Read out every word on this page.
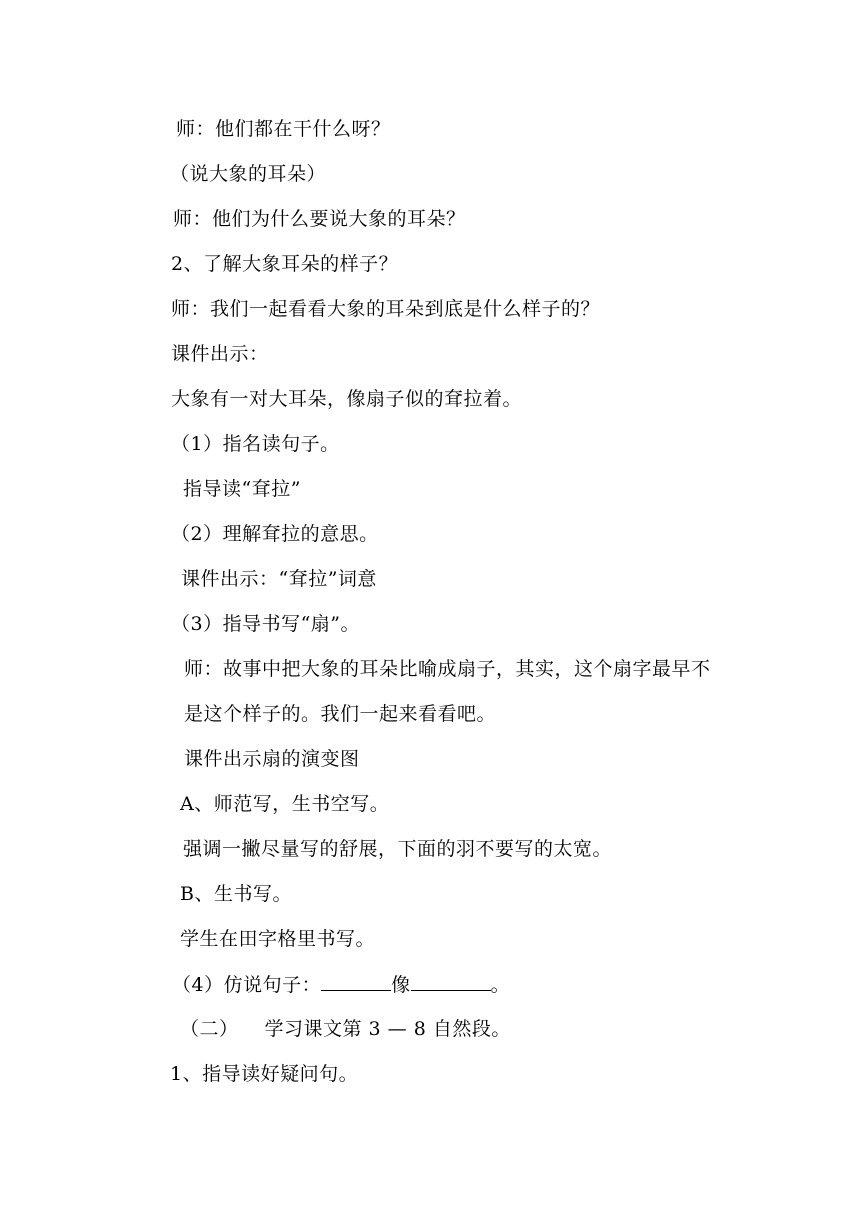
师：他们都在干什么呀？
（说大象的耳朵）
师：他们为什么要说大象的耳朵？
2、了解大象耳朵的样子？
师：我们一起看看大象的耳朵到底是什么样子的？
课件出示：
大象有一对大耳朵，像扇子似的耷拉着。
（1）指名读句子。
指导读“耷拉”
（2）理解耷拉的意思。
课件出示：“耷拉”词意
（3）指导书写“扇”。
师：故事中把大象的耳朵比喻成扇子，其实，这个扇字最早不
是这个样子的。我们一起来看看吧。
课件出示扇的演变图
A、师范写，生书空写。
强调一撇尽量写的舒展，下面的羽不要写的太宽。
B、生书写。
学生在田字格里书写。
（4）仿说句子：	像	。
（二） 学习课文第 3 — 8 自然段。
1、指导读好疑问句。
